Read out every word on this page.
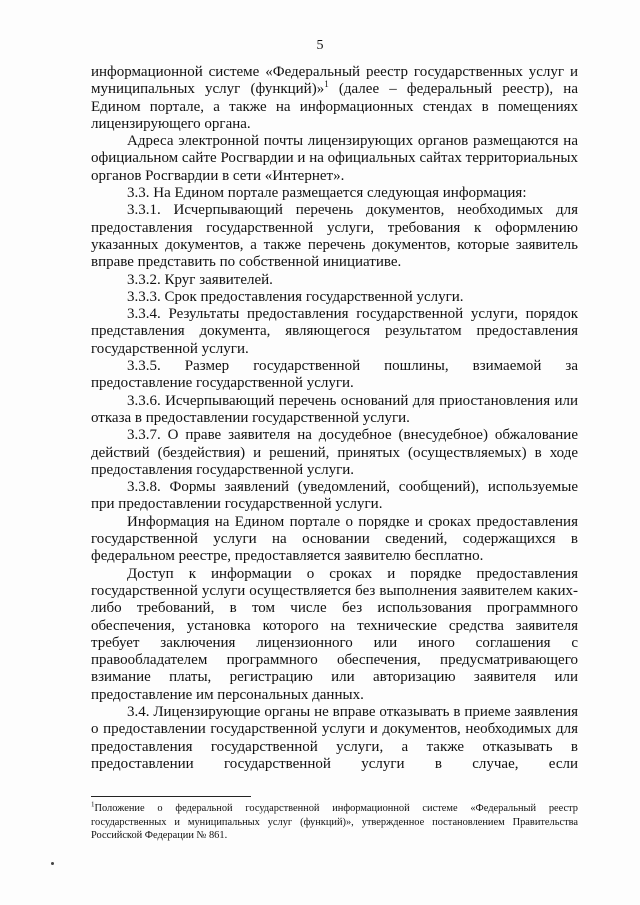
5

информационной системе «Федеральный реестр государственных услуг и муниципальных услуг (функций)»$^1$ (далее – федеральный реестр), на Едином портале, а также на информационных стендах в помещениях лицензирующего органа.

Адреса электронной почты лицензирующих органов размещаются на официальном сайте Росгвардии и на официальных сайтах территориальных органов Росгвардии в сети «Интернет».

3.3. На Едином портале размещается следующая информация:

3.3.1. Исчерпывающий перечень документов, необходимых для предоставления государственной услуги, требования к оформлению указанных документов, а также перечень документов, которые заявитель вправе представить по собственной инициативе.

3.3.2. Круг заявителей.

3.3.3. Срок предоставления государственной услуги.

3.3.4. Результаты предоставления государственной услуги, порядок представления документа, являющегося результатом предоставления государственной услуги.

3.3.5. Размер государственной пошлины, взимаемой за предоставление государственной услуги.

3.3.6. Исчерпывающий перечень оснований для приостановления или отказа в предоставлении государственной услуги.

3.3.7. О праве заявителя на досудебное (внесудебное) обжалование действий (бездействия) и решений, принятых (осуществляемых) в ходе предоставления государственной услуги.

3.3.8. Формы заявлений (уведомлений, сообщений), используемые при предоставлении государственной услуги.

Информация на Едином портале о порядке и сроках предоставления государственной услуги на основании сведений, содержащихся в федеральном реестре, предоставляется заявителю бесплатно.

Доступ к информации о сроках и порядке предоставления государственной услуги осуществляется без выполнения заявителем каких-либо требований, в том числе без использования программного обеспечения, установка которого на технические средства заявителя требует заключения лицензионного или иного соглашения с правообладателем программного обеспечения, предусматривающего взимание платы, регистрацию или авторизацию заявителя или предоставление им персональных данных.

3.4. Лицензирующие органы не вправе отказывать в приеме заявления о предоставлении государственной услуги и документов, необходимых для предоставления государственной услуги, а также отказывать в предоставлении государственной услуги в случае, если

$^1$Положение о федеральной государственной информационной системе «Федеральный реестр государственных и муниципальных услуг (функций)», утвержденное постановлением Правительства Российской Федерации № 861.
